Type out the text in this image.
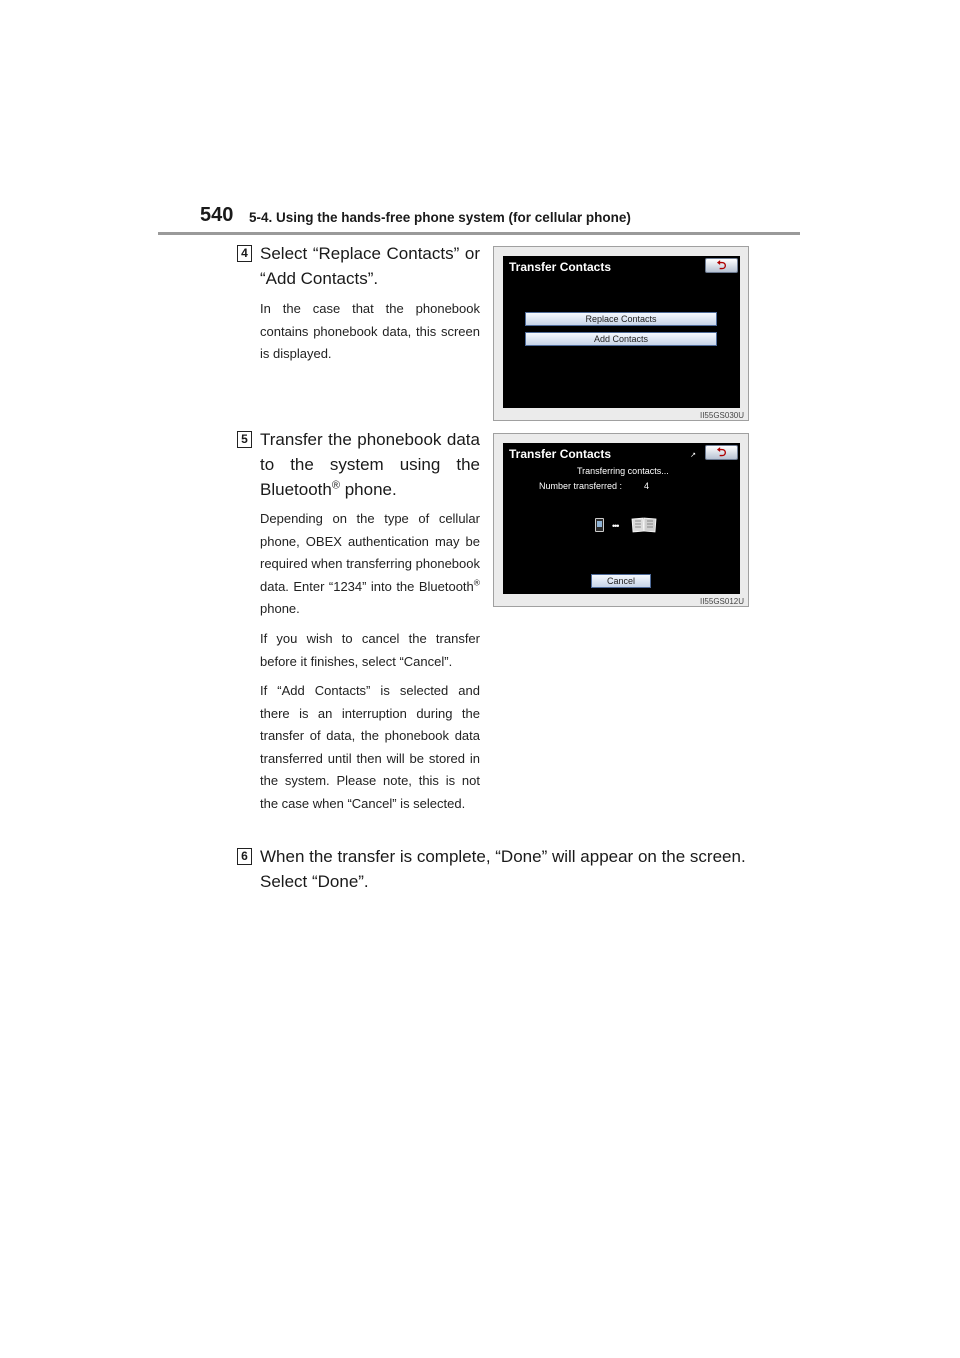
540 5-4. Using the hands-free phone system (for cellular phone)
4 Select “Replace Contacts” or “Add Contacts”.
In the case that the phonebook contains phonebook data, this screen is displayed.
Transfer Contacts	⮌
Replace Contacts
Add Contacts
II55GS030U
5 Transfer the phonebook data to the system using the Bluetooth® phone.
Depending on the type of cellular phone, OBEX authentication may be required when transferring phonebook data. Enter “1234” into the Bluetooth® phone.
If you wish to cancel the transfer before it finishes, select “Cancel”.
If “Add Contacts” is selected and there is an interruption during the transfer of data, the phonebook data transferred until then will be stored in the system. Please note, this is not the case when “Cancel” is selected.
Transfer Contacts	↗	⮌
Transferring contacts...
Number transferred : 4
•••
Cancel
II55GS012U
6 When the transfer is complete, “Done” will appear on the screen. Select “Done”.
